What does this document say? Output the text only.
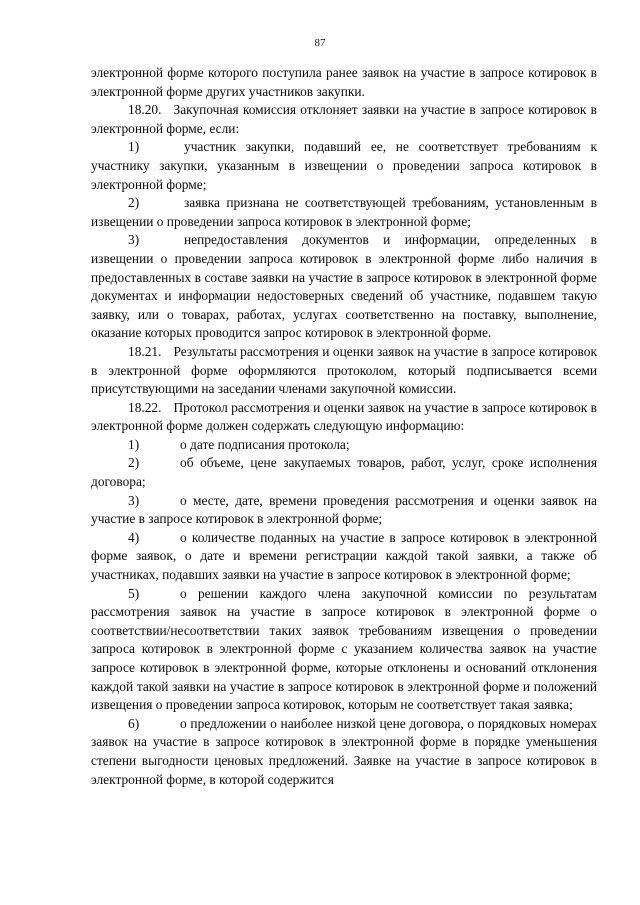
87

электронной форме которого поступила ранее заявок на участие в запросе котировок в электронной форме других участников закупки.

18.20. Закупочная комиссия отклоняет заявки на участие в запросе котировок в электронной форме, если:

1)	участник закупки, подавший ее, не соответствует требованиям к участнику закупки, указанным в извещении о проведении запроса котировок в электронной форме;

2)	заявка признана не соответствующей требованиям, установленным в извещении о проведении запроса котировок в электронной форме;

3)	непредоставления документов и информации, определенных в извещении о проведении запроса котировок в электронной форме либо наличия в предоставленных в составе заявки на участие в запросе котировок в электронной форме документах и информации недостоверных сведений об участнике, подавшем такую заявку, или о товарах, работах, услугах соответственно на поставку, выполнение, оказание которых проводится запрос котировок в электронной форме.

18.21. Результаты рассмотрения и оценки заявок на участие в запросе котировок в электронной форме оформляются протоколом, который подписывается всеми присутствующими на заседании членами закупочной комиссии.

18.22. Протокол рассмотрения и оценки заявок на участие в запросе котировок в электронной форме должен содержать следующую информацию:

1)	о дате подписания протокола;

2)	об объеме, цене закупаемых товаров, работ, услуг, сроке исполнения договора;

3)	о месте, дате, времени проведения рассмотрения и оценки заявок на участие в запросе котировок в электронной форме;

4)	о количестве поданных на участие в запросе котировок в электронной форме заявок, о дате и времени регистрации каждой такой заявки, а также об участниках, подавших заявки на участие в запросе котировок в электронной форме;

5)	о решении каждого члена закупочной комиссии по результатам рассмотрения заявок на участие в запросе котировок в электронной форме о соответствии/несоответствии таких заявок требованиям извещения о проведении запроса котировок в электронной форме с указанием количества заявок на участие запросе котировок в электронной форме, которые отклонены и оснований отклонения каждой такой заявки на участие в запросе котировок в электронной форме и положений извещения о проведении запроса котировок, которым не соответствует такая заявка;

6)	о предложении о наиболее низкой цене договора, о порядковых номерах заявок на участие в запросе котировок в электронной форме в порядке уменьшения степени выгодности ценовых предложений. Заявке на участие в запросе котировок в электронной форме, в которой содержится
